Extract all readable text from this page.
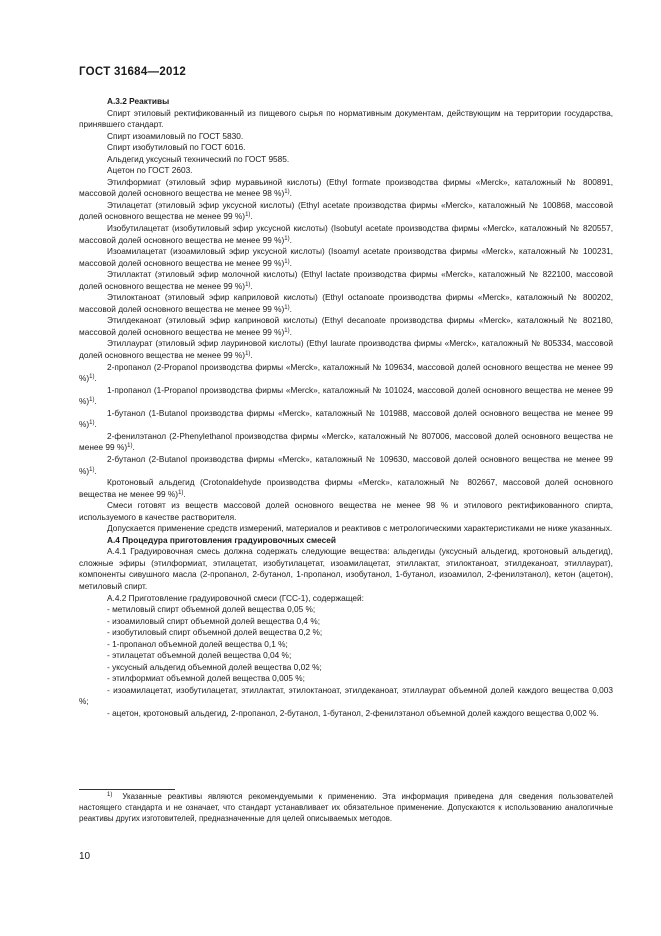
ГОСТ 31684—2012

А.3.2 Реактивы

Спирт этиловый ректификованный из пищевого сырья по нормативным документам, действующим на территории государства, принявшего стандарт.

Спирт изоамиловый по ГОСТ 5830.

Спирт изобутиловый по ГОСТ 6016.

Альдегид уксусный технический по ГОСТ 9585.

Ацетон по ГОСТ 2603.

Этилформиат (этиловый эфир муравьиной кислоты) (Ethyl formate производства фирмы «Merck», каталожный № 800891, массовой долей основного вещества не менее 98 %)$^{1)}$.

Этилацетат (этиловый эфир уксусной кислоты) (Ethyl acetate производства фирмы «Merck», каталожный № 100868, массовой долей основного вещества не менее 99 %)$^{1)}$.

Изобутилацетат (изобутиловый эфир уксусной кислоты) (Isobutyl acetate производства фирмы «Merck», каталожный № 820557, массовой долей основного вещества не менее 99 %)$^{1)}$.

Изоамилацетат (изоамиловый эфир уксусной кислоты) (Isoamyl acetate производства фирмы «Merck», каталожный № 100231, массовой долей основного вещества не менее 99 %)$^{1)}$.

Этиллактат (этиловый эфир молочной кислоты) (Ethyl lactate производства фирмы «Merck», каталожный № 822100, массовой долей основного вещества не менее 99 %)$^{1)}$.

Этилоктаноат (этиловый эфир каприловой кислоты) (Ethyl octanoate производства фирмы «Merck», каталожный № 800202, массовой долей основного вещества не менее 99 %)$^{1)}$.

Этилдеканоат (этиловый эфир каприновой кислоты) (Ethyl decanoate производства фирмы «Merck», каталожный № 802180, массовой долей основного вещества не менее 99 %)$^{1)}$.

Этиллаурат (этиловый эфир лауриновой кислоты) (Ethyl laurate производства фирмы «Merck», каталожный № 805334, массовой долей основного вещества не менее 99 %)$^{1)}$.

2-пропанол (2-Propanol производства фирмы «Merck», каталожный № 109634, массовой долей основного вещества не менее 99 %)$^{1)}$.

1-пропанол (1-Propanol производства фирмы «Merck», каталожный № 101024, массовой долей основного вещества не менее 99 %)$^{1)}$.

1-бутанол (1-Butanol производства фирмы «Merck», каталожный № 101988, массовой долей основного вещества не менее 99 %)$^{1)}$.

2-фенилэтанол (2-Phenylethanol производства фирмы «Merck», каталожный № 807006, массовой долей основного вещества не менее 99 %)$^{1)}$.

2-бутанол (2-Butanol производства фирмы «Merck», каталожный № 109630, массовой долей основного вещества не менее 99 %)$^{1)}$.

Кротоновый альдегид (Crotonaldehyde производства фирмы «Merck», каталожный № 802667, массовой долей основного вещества не менее 99 %)$^{1)}$.

Смеси готовят из веществ массовой долей основного вещества не менее 98 % и этилового ректификованного спирта, используемого в качестве растворителя.

Допускается применение средств измерений, материалов и реактивов с метрологическими характеристиками не ниже указанных.

А.4 Процедура приготовления градуировочных смесей

А.4.1 Градуировочная смесь должна содержать следующие вещества: альдегиды (уксусный альдегид, кротоновый альдегид), сложные эфиры (этилформиат, этилацетат, изобутилацетат, изоамилацетат, этиллактат, этилоктаноат, этилдеканоат, этиллаурат), компоненты сивушного масла (2-пропанол, 2-бутанол, 1-пропанол, изобутанол, 1-бутанол, изоамилол, 2-фенилэтанол), кетон (ацетон), метиловый спирт.

А.4.2 Приготовление градуировочной смеси (ГСС-1), содержащей:

- метиловый спирт объемной долей вещества 0,05 %;

- изоамиловый спирт объемной долей вещества 0,4 %;

- изобутиловый спирт объемной долей вещества 0,2 %;

- 1-пропанол объемной долей вещества 0,1 %;

- этилацетат объемной долей вещества 0,04 %;

- уксусный альдегид объемной долей вещества 0,02 %;

- этилформиат объемной долей вещества 0,005 %;

- изоамилацетат, изобутилацетат, этиллактат, этилоктаноат, этилдеканоат, этиллаурат объемной долей каждого вещества 0,003 %;

- ацетон, кротоновый альдегид, 2-пропанол, 2-бутанол, 1-бутанол, 2-фенилэтанол объемной долей каждого вещества 0,002 %.

1) Указанные реактивы являются рекомендуемыми к применению. Эта информация приведена для сведения пользователей настоящего стандарта и не означает, что стандарт устанавливает их обязательное применение. Допускаются к использованию аналогичные реактивы других изготовителей, предназначенные для целей описываемых методов.
10
